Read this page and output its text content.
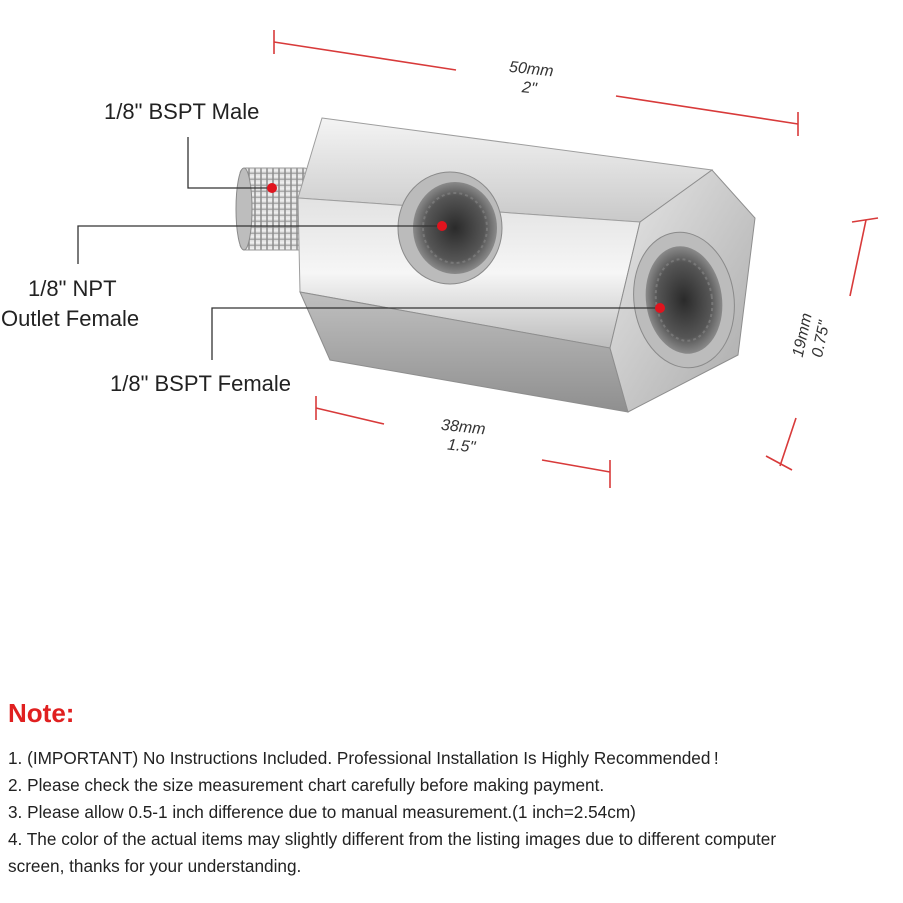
1/8" BSPT Male
1/8" NPT
Outlet Female
1/8" BSPT Female
50mm
2"
38mm
1.5"
19mm
0.75"
Note:
1. (IMPORTANT) No Instructions Included. Professional Installation Is Highly Recommended !
2. Please check the size measurement chart carefully before making payment.
3. Please allow 0.5-1 inch difference due to manual measurement.(1 inch=2.54cm)
4. The color of the actual items may slightly different from the listing images due to different computer
screen, thanks for your understanding.
